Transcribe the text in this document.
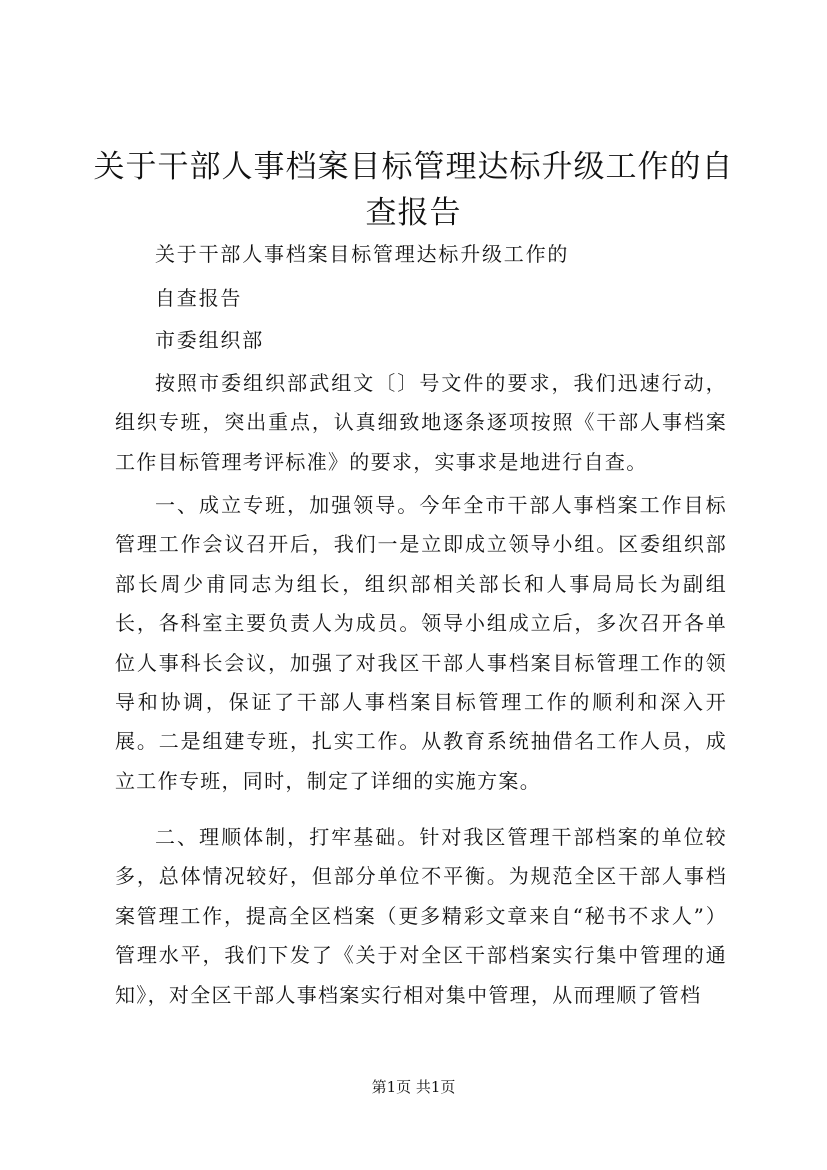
关于干部人事档案目标管理达标升级工作的自查报告

关于干部人事档案目标管理达标升级工作的

自查报告

市委组织部

按照市委组织部武组文〔〕号文件的要求，我们迅速行动，组织专班，突出重点，认真细致地逐条逐项按照《干部人事档案工作目标管理考评标准》的要求，实事求是地进行自查。

一、成立专班，加强领导。今年全市干部人事档案工作目标管理工作会议召开后，我们一是立即成立领导小组。区委组织部部长周少甫同志为组长，组织部相关部长和人事局局长为副组长，各科室主要负责人为成员。领导小组成立后，多次召开各单位人事科长会议，加强了对我区干部人事档案目标管理工作的领导和协调，保证了干部人事档案目标管理工作的顺利和深入开展。二是组建专班，扎实工作。从教育系统抽借名工作人员，成立工作专班，同时，制定了详细的实施方案。

二、理顺体制，打牢基础。针对我区管理干部档案的单位较多，总体情况较好，但部分单位不平衡。为规范全区干部人事档案管理工作，提高全区档案（更多精彩文章来自“秘书不求人”）管理水平，我们下发了《关于对全区干部档案实行集中管理的通知》，对全区干部人事档案实行相对集中管理，从而理顺了管档

第1页 共1页
